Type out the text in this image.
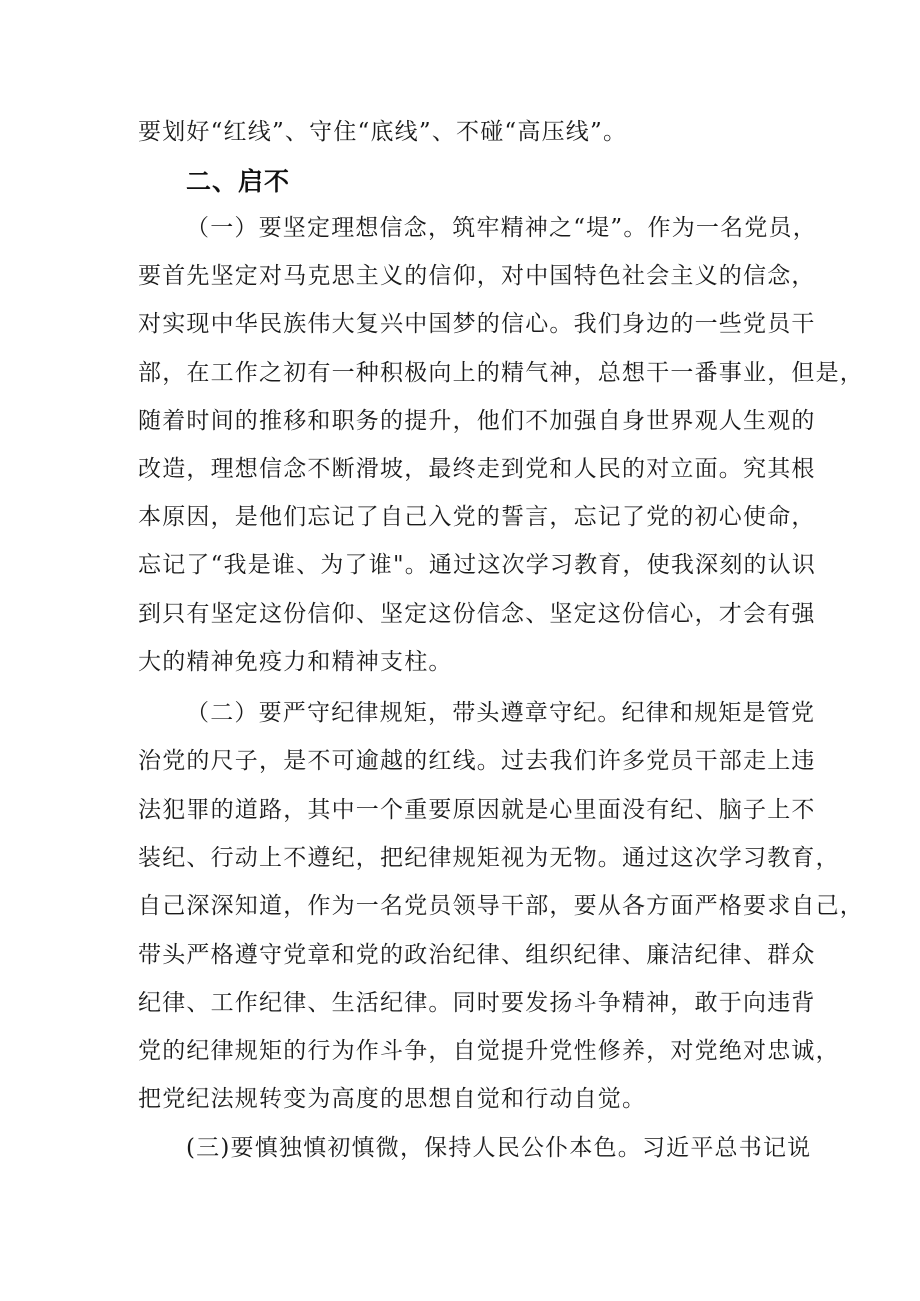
要划好“红线”、守住“底线”、不碰“高压线”。
二、启不
（一）要坚定理想信念，筑牢精神之“堤”。作为一名党员，
要首先坚定对马克思主义的信仰，对中国特色社会主义的信念，
对实现中华民族伟大复兴中国梦的信心。我们身边的一些党员干
部，在工作之初有一种积极向上的精气神，总想干一番事业，但是，
随着时间的推移和职务的提升，他们不加强自身世界观人生观的
改造，理想信念不断滑坡，最终走到党和人民的对立面。究其根
本原因，是他们忘记了自己入党的誓言，忘记了党的初心使命，
忘记了“我是谁、为了谁"。通过这次学习教育，使我深刻的认识
到只有坚定这份信仰、坚定这份信念、坚定这份信心，才会有强
大的精神免疫力和精神支柱。
（二）要严守纪律规矩，带头遵章守纪。纪律和规矩是管党
治党的尺子，是不可逾越的红线。过去我们许多党员干部走上违
法犯罪的道路，其中一个重要原因就是心里面没有纪、脑子上不
装纪、行动上不遵纪，把纪律规矩视为无物。通过这次学习教育，
自己深深知道，作为一名党员领导干部，要从各方面严格要求自己，
带头严格遵守党章和党的政治纪律、组织纪律、廉洁纪律、群众
纪律、工作纪律、生活纪律。同时要发扬斗争精神，敢于向违背
党的纪律规矩的行为作斗争，自觉提升党性修养，对党绝对忠诚，
把党纪法规转变为高度的思想自觉和行动自觉。
(三)要慎独慎初慎微，保持人民公仆本色。习近平总书记说
